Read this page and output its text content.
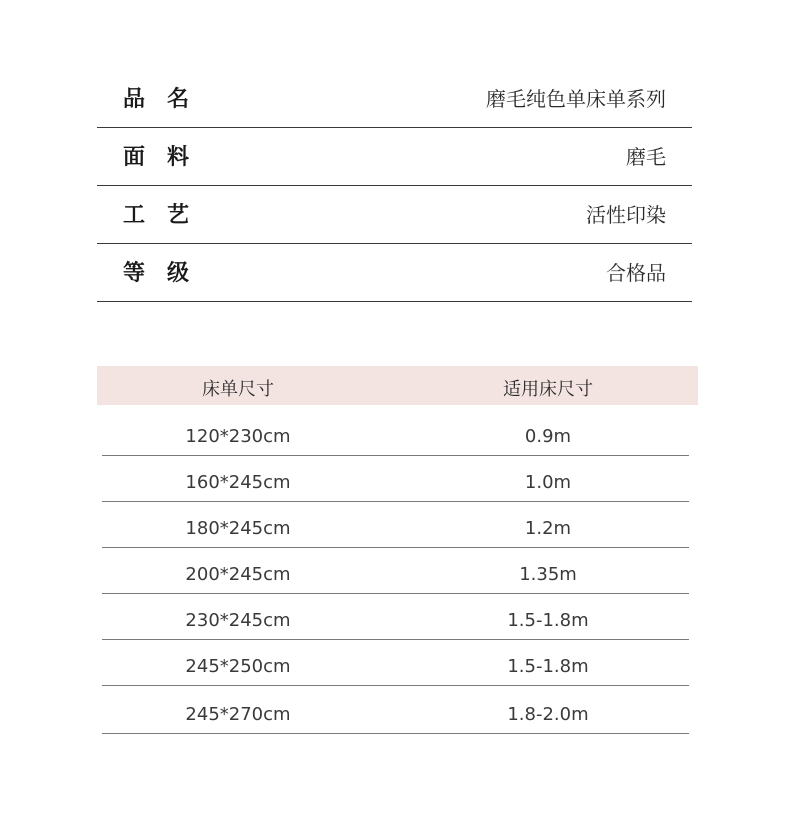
品名	磨毛纯色单床单系列
面料	磨毛
工艺	活性印染
等级	合格品
床单尺寸	适用床尺寸
120*230cm	0.9m
160*245cm	1.0m
180*245cm	1.2m
200*245cm	1.35m
230*245cm	1.5-1.8m
245*250cm	1.5-1.8m
245*270cm	1.8-2.0m
